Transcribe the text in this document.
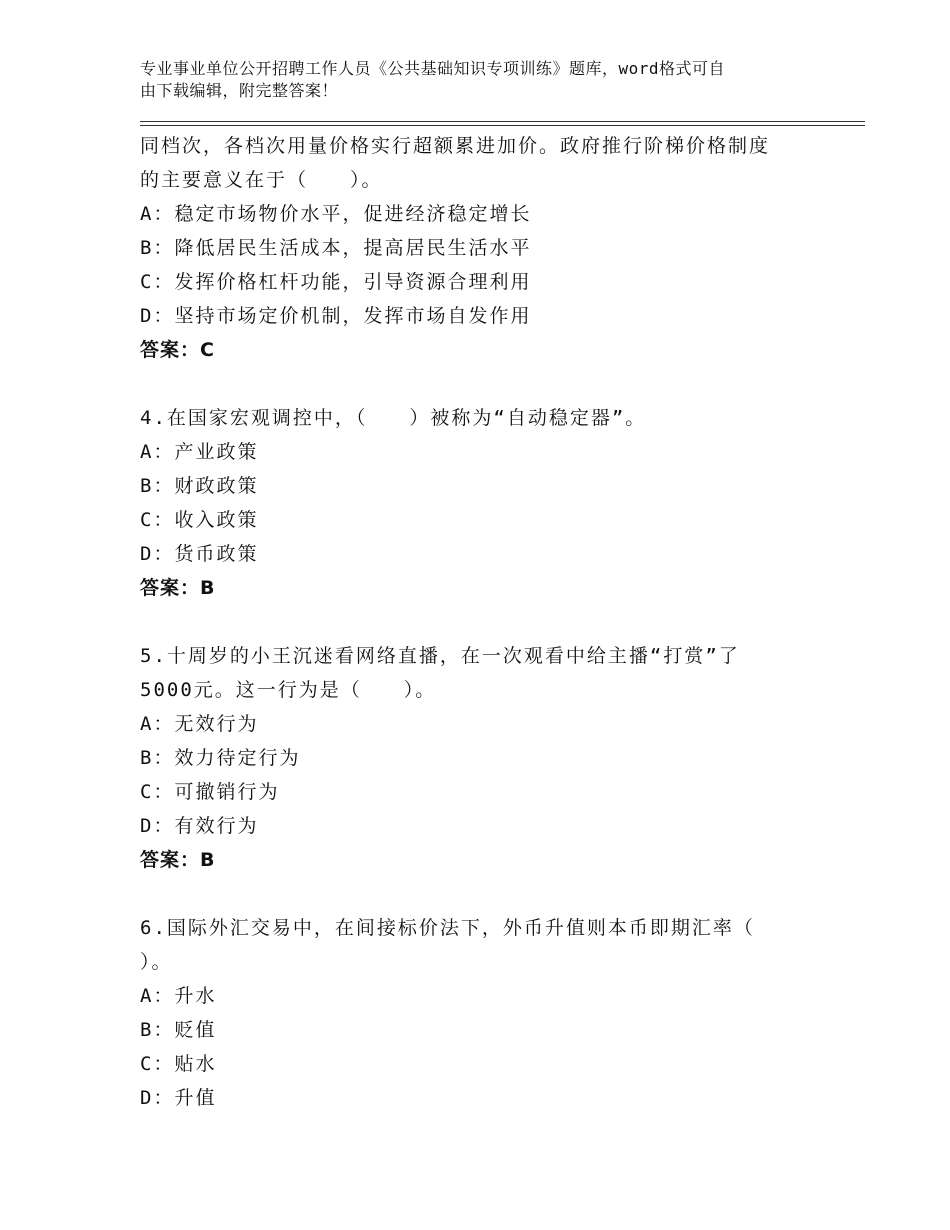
专业事业单位公开招聘工作人员《公共基础知识专项训练》题库，word格式可自
由下载编辑，附完整答案！
同档次，各档次用量价格实行超额累进加价。政府推行阶梯价格制度
的主要意义在于（　　）。
A：稳定市场物价水平，促进经济稳定增长
B：降低居民生活成本，提高居民生活水平
C：发挥价格杠杆功能，引导资源合理利用
D：坚持市场定价机制，发挥市场自发作用
答案：C
4.在国家宏观调控中，（　　）被称为“自动稳定器”。
A：产业政策
B：财政政策
C：收入政策
D：货币政策
答案：B
5.十周岁的小王沉迷看网络直播，在一次观看中给主播“打赏”了
5000元。这一行为是（　　）。
A：无效行为
B：效力待定行为
C：可撤销行为
D：有效行为
答案：B
6.国际外汇交易中，在间接标价法下，外币升值则本币即期汇率（
）。
A：升水
B：贬值
C：贴水
D：升值
